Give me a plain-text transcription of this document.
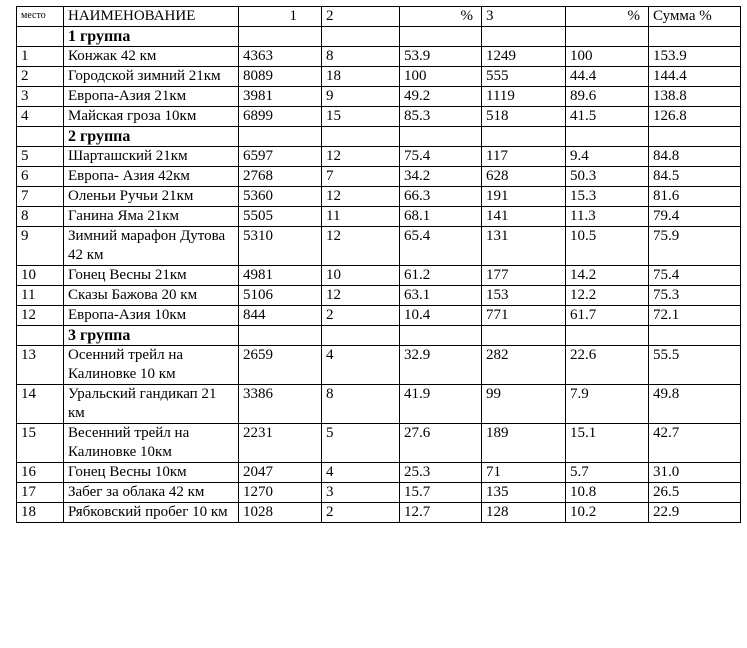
место	НАИМЕНОВАНИЕ	1	2	%	3	%	Сумма %
	1 группа						
1	Конжак 42 км	4363	8	53.9	1249	100	153.9
2	Городской зимний 21км	8089	18	100	555	44.4	144.4
3	Европа-Азия 21км	3981	9	49.2	1119	89.6	138.8
4	Майская гроза 10км	6899	15	85.3	518	41.5	126.8
	2 группа						
5	Шарташский 21км	6597	12	75.4	117	9.4	84.8
6	Европа- Азия 42км	2768	7	34.2	628	50.3	84.5
7	Оленьи Ручьи 21км	5360	12	66.3	191	15.3	81.6
8	Ганина Яма 21км	5505	11	68.1	141	11.3	79.4
9	Зимний марафон Дутова 42 км	5310	12	65.4	131	10.5	75.9
10	Гонец Весны 21км	4981	10	61.2	177	14.2	75.4
11	Сказы Бажова 20 км	5106	12	63.1	153	12.2	75.3
12	Европа-Азия 10км	844	2	10.4	771	61.7	72.1
	3 группа						
13	Осенний трейл на Калиновке 10 км	2659	4	32.9	282	22.6	55.5
14	Уральский гандикап 21 км	3386	8	41.9	99	7.9	49.8
15	Весенний трейл на Калиновке 10км	2231	5	27.6	189	15.1	42.7
16	Гонец Весны 10км	2047	4	25.3	71	5.7	31.0
17	Забег за облака 42 км	1270	3	15.7	135	10.8	26.5
18	Рябковский пробег 10 км	1028	2	12.7	128	10.2	22.9
